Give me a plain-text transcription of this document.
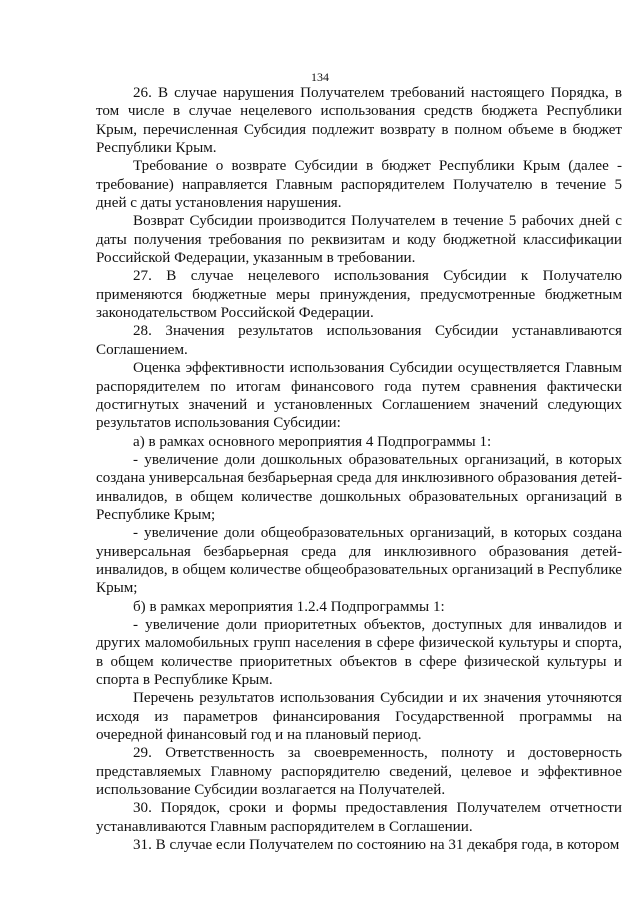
134

26. В случае нарушения Получателем требований настоящего Порядка, в том числе в случае нецелевого использования средств бюджета Республики Крым, перечисленная Субсидия подлежит возврату в полном объеме в бюджет Республики Крым.

Требование о возврате Субсидии в бюджет Республики Крым (далее - требование) направляется Главным распорядителем Получателю в течение 5 дней с даты установления нарушения.

Возврат Субсидии производится Получателем в течение 5 рабочих дней с даты получения требования по реквизитам и коду бюджетной классификации Российской Федерации, указанным в требовании.

27. В случае нецелевого использования Субсидии к Получателю применяются бюджетные меры принуждения, предусмотренные бюджетным законодательством Российской Федерации.

28. Значения результатов использования Субсидии устанавливаются Соглашением.

Оценка эффективности использования Субсидии осуществляется Главным распорядителем по итогам финансового года путем сравнения фактически достигнутых значений и установленных Соглашением значений следующих результатов использования Субсидии:

а) в рамках основного мероприятия 4 Подпрограммы 1:

- увеличение доли дошкольных образовательных организаций, в которых создана универсальная безбарьерная среда для инклюзивного образования детей-инвалидов, в общем количестве дошкольных образовательных организаций в Республике Крым;

- увеличение доли общеобразовательных организаций, в которых создана универсальная безбарьерная среда для инклюзивного образования детей-инвалидов, в общем количестве общеобразовательных организаций в Республике Крым;

б) в рамках мероприятия 1.2.4 Подпрограммы 1:

- увеличение доли приоритетных объектов, доступных для инвалидов и других маломобильных групп населения в сфере физической культуры и спорта, в общем количестве приоритетных объектов в сфере физической культуры и спорта в Республике Крым.

Перечень результатов использования Субсидии и их значения уточняются исходя из параметров финансирования Государственной программы на очередной финансовый год и на плановый период.

29. Ответственность за своевременность, полноту и достоверность представляемых Главному распорядителю сведений, целевое и эффективное использование Субсидии возлагается на Получателей.

30. Порядок, сроки и формы предоставления Получателем отчетности устанавливаются Главным распорядителем в Соглашении.

31. В случае если Получателем по состоянию на 31 декабря года, в котором
